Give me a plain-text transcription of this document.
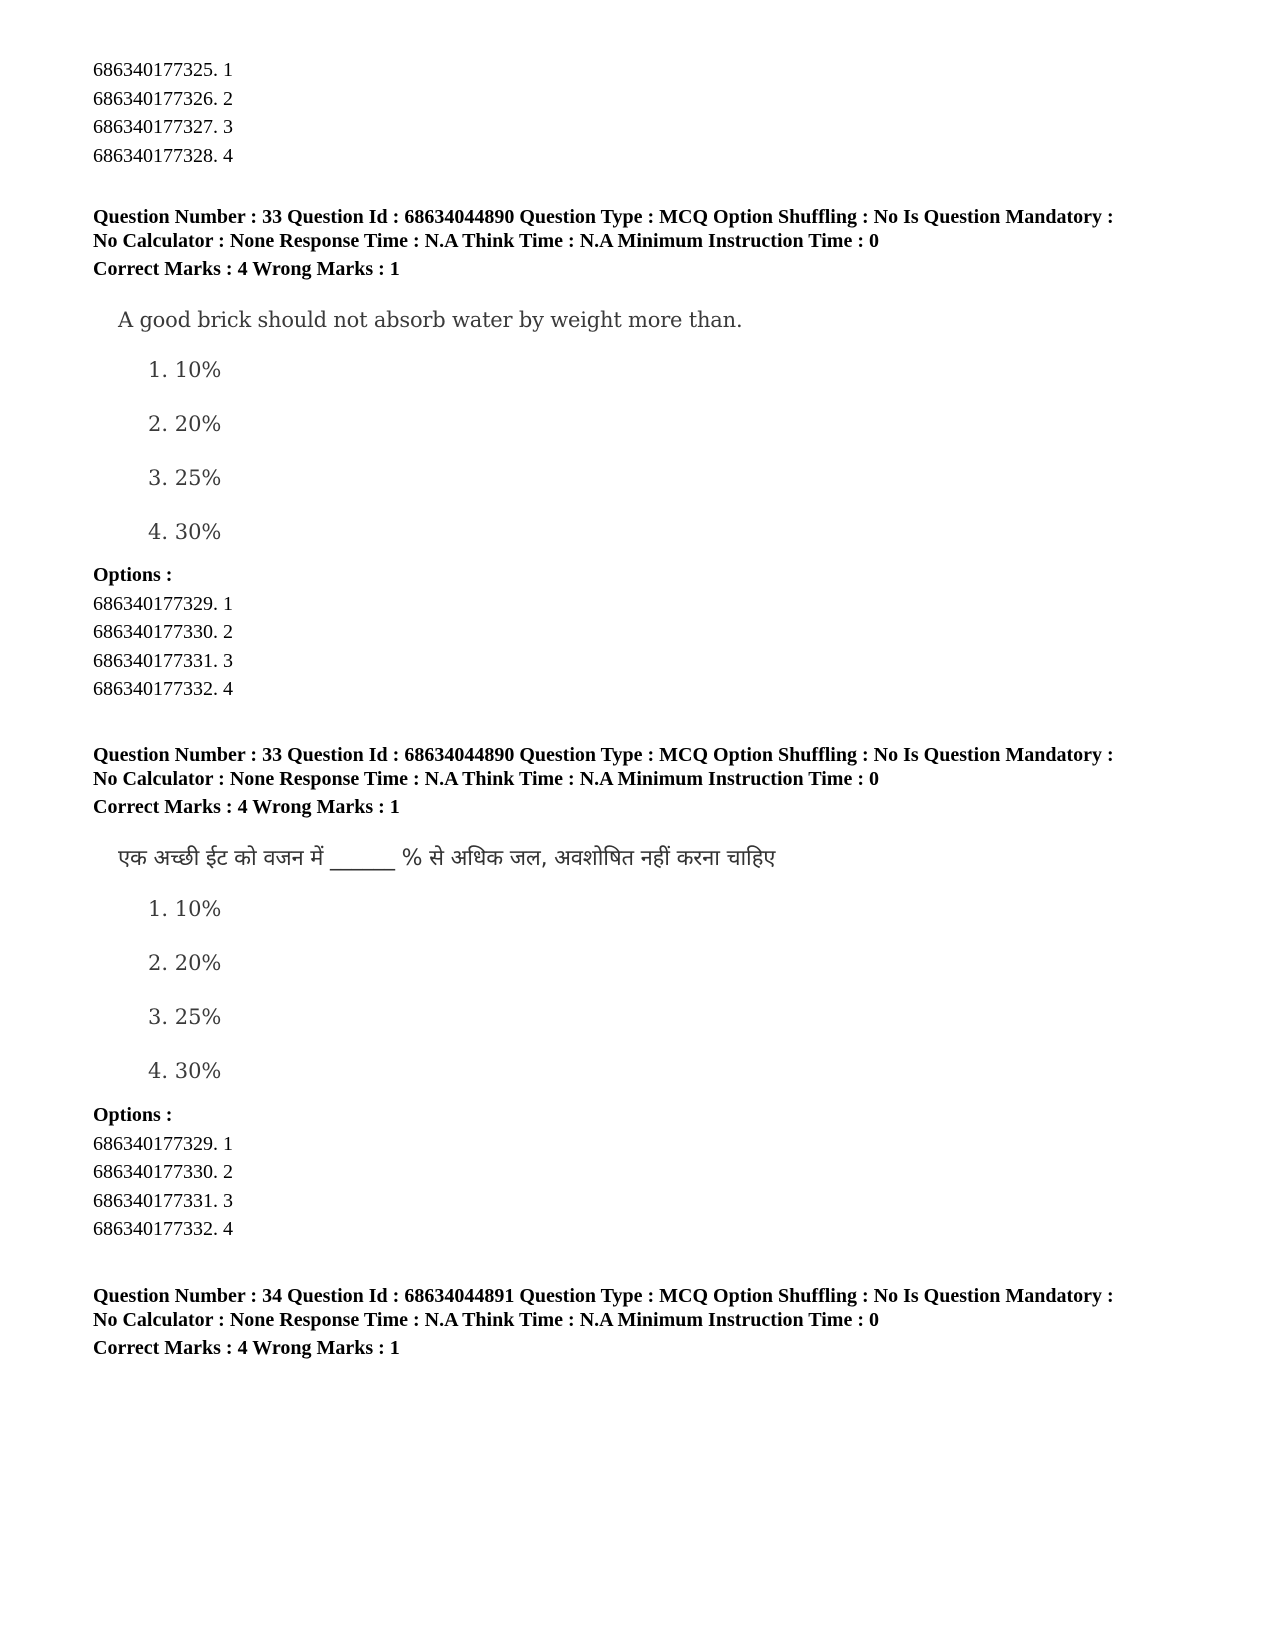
686340177325. 1
686340177326. 2
686340177327. 3
686340177328. 4
Question Number : 33 Question Id : 68634044890 Question Type : MCQ Option Shuffling : No Is Question Mandatory :
No Calculator : None Response Time : N.A Think Time : N.A Minimum Instruction Time : 0
Correct Marks : 4 Wrong Marks : 1
A good brick should not absorb water by weight more than.
1. 10%
2. 20%
3. 25%
4. 30%
Options :
686340177329. 1
686340177330. 2
686340177331. 3
686340177332. 4
Question Number : 33 Question Id : 68634044890 Question Type : MCQ Option Shuffling : No Is Question Mandatory :
No Calculator : None Response Time : N.A Think Time : N.A Minimum Instruction Time : 0
Correct Marks : 4 Wrong Marks : 1
एक अच्छी ईट को वजन में ______ % से अधिक जल, अवशोषित नहीं करना चाहिए
1. 10%
2. 20%
3. 25%
4. 30%
Options :
686340177329. 1
686340177330. 2
686340177331. 3
686340177332. 4
Question Number : 34 Question Id : 68634044891 Question Type : MCQ Option Shuffling : No Is Question Mandatory :
No Calculator : None Response Time : N.A Think Time : N.A Minimum Instruction Time : 0
Correct Marks : 4 Wrong Marks : 1
